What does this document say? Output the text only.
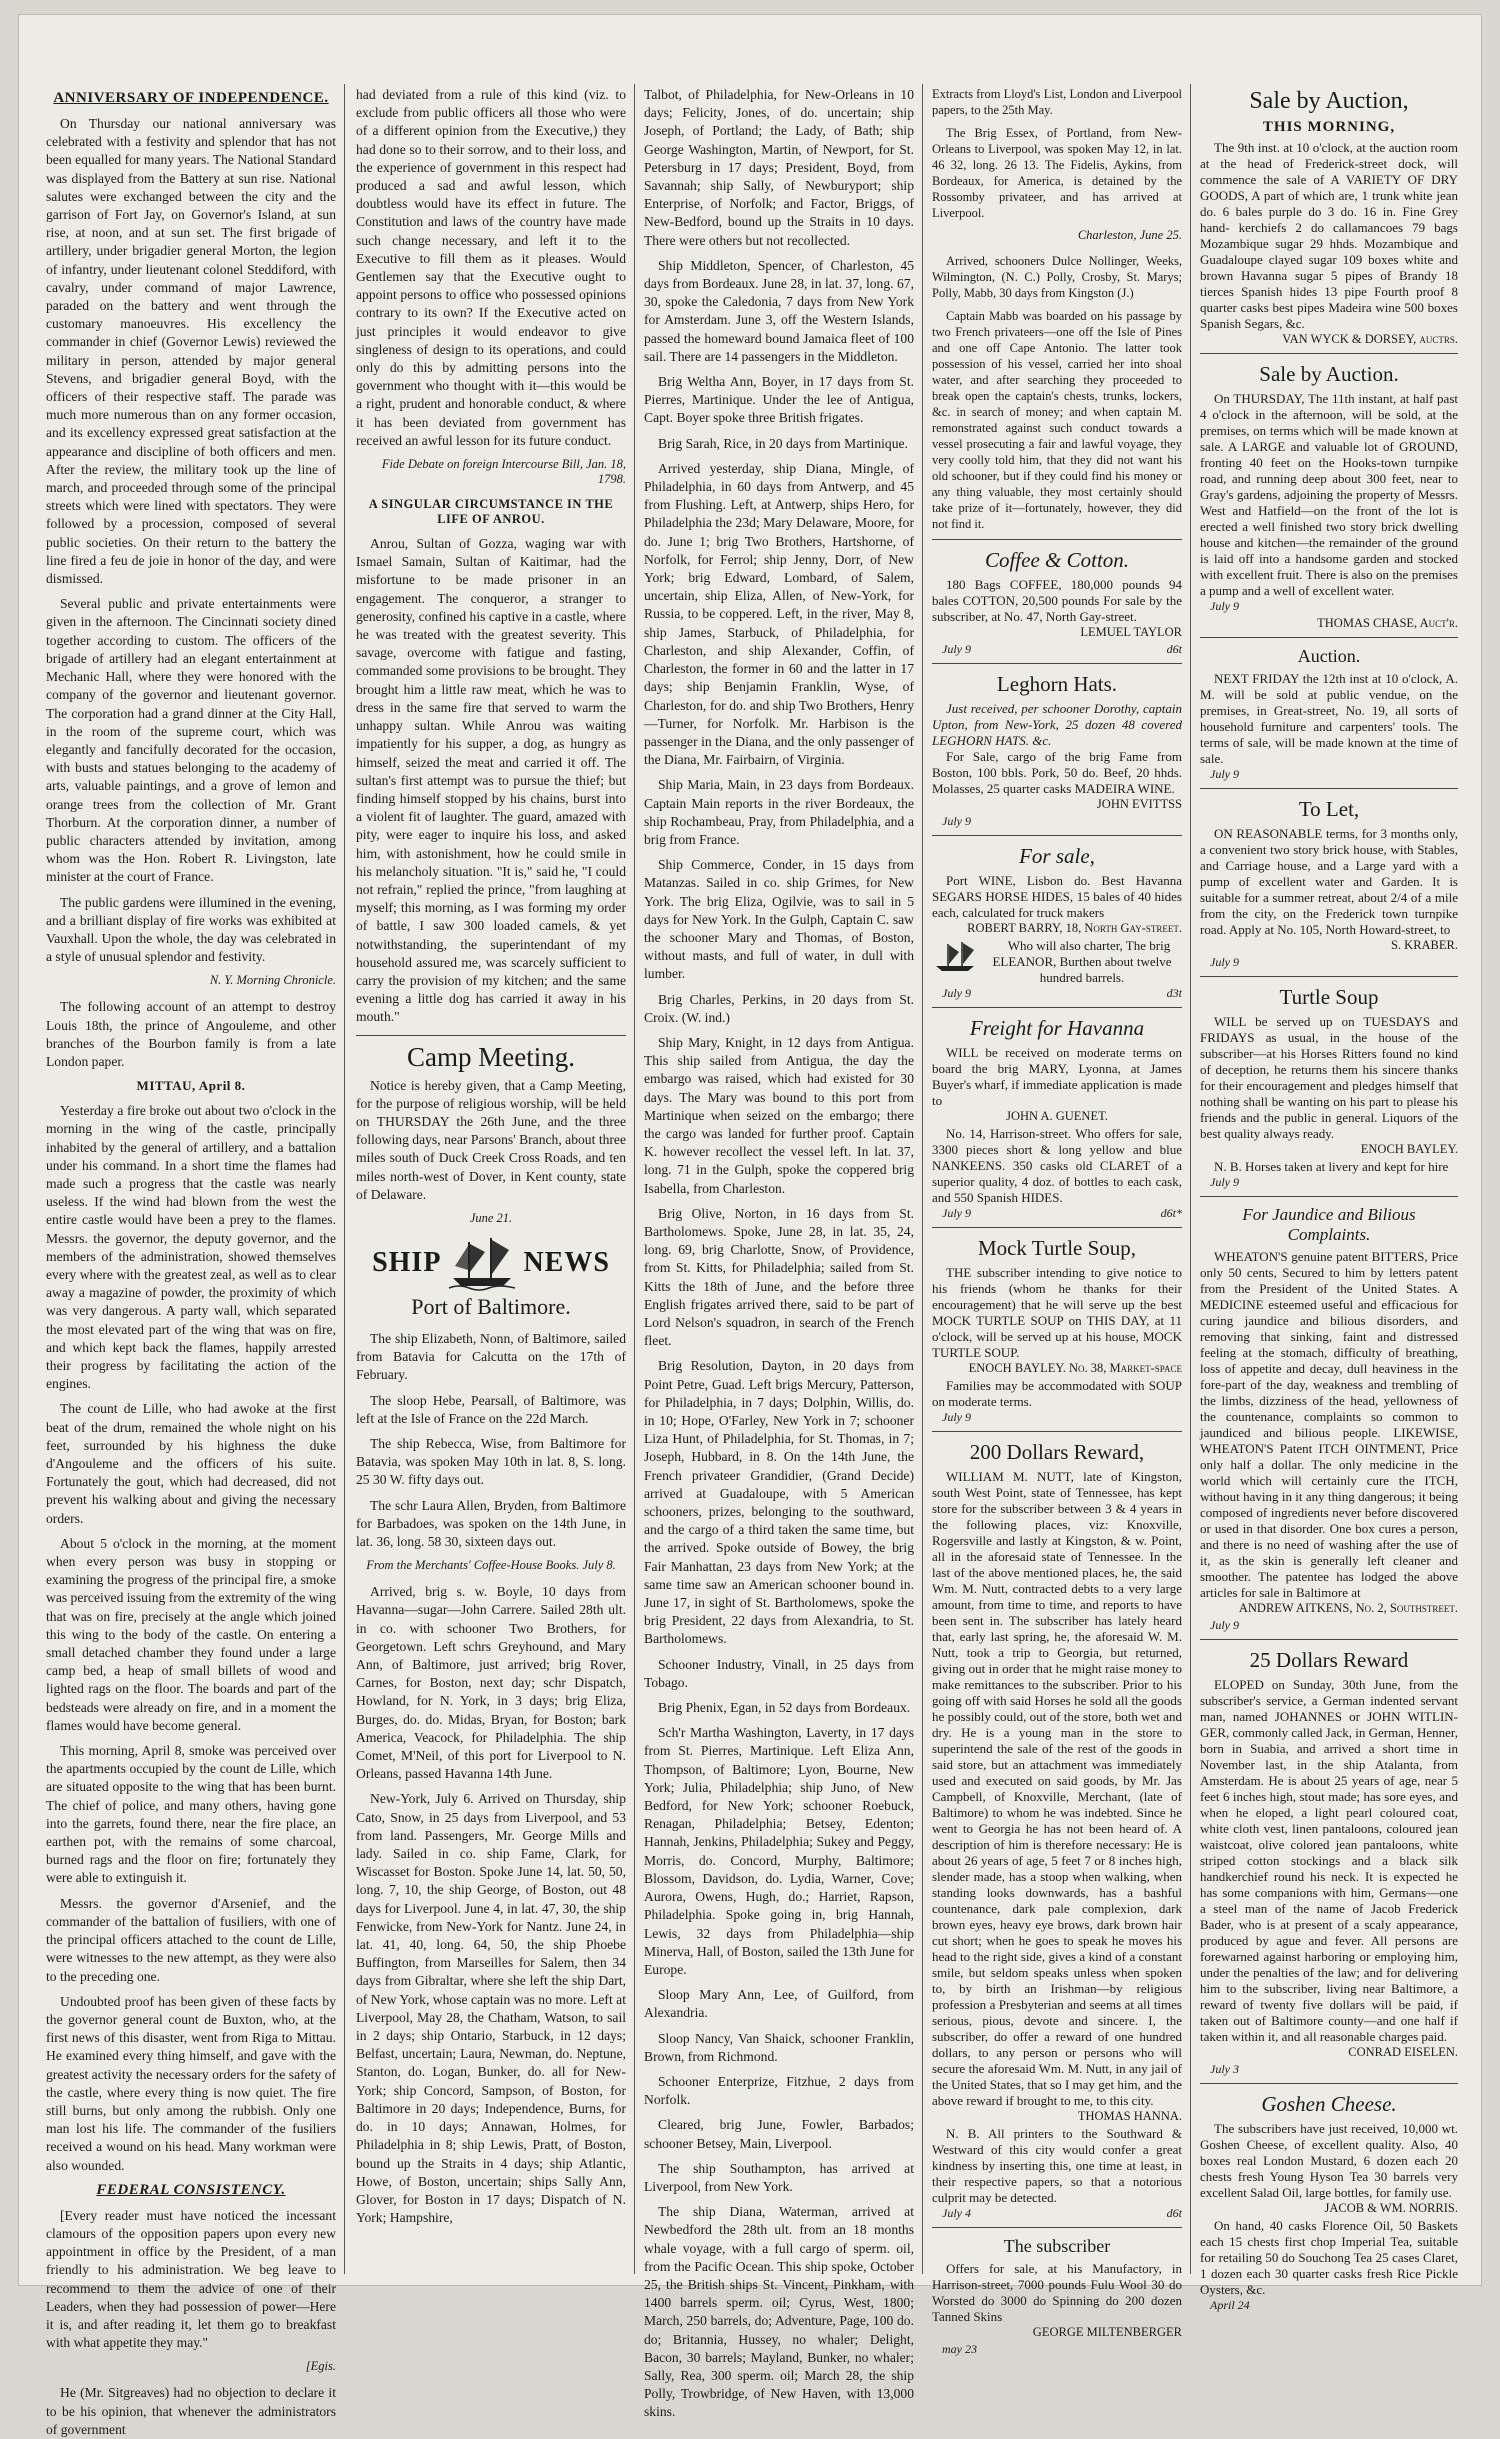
ANNIVERSARY OF INDEPENDENCE.

On Thursday our national anniversary was celebrated with a festivity and splendor that has not been equalled for many years. The National Standard was displayed from the Battery at sun rise. National salutes were exchanged between the city and the garrison of Fort Jay, on Governor's Island, at sun rise, at noon, and at sun set. The first brigade of artillery, under brigadier general Morton, the legion of infantry, under lieutenant colonel Steddiford, with cavalry, under command of major Lawrence, paraded on the battery and went through the customary manoeuvres. His excellency the commander in chief (Governor Lewis) reviewed the military in person, attended by major general Stevens, and brigadier general Boyd, with the officers of their respective staff. The parade was much more numerous than on any former occasion, and its excellency expressed great satisfaction at the appearance and discipline of both officers and men. After the review, the military took up the line of march, and proceeded through some of the principal streets which were lined with spectators. They were followed by a procession, composed of several public societies. On their return to the battery the line fired a feu de joie in honor of the day, and were dismissed.

Several public and private entertainments were given in the afternoon. The Cincinnati society dined together according to custom. The officers of the brigade of artillery had an elegant entertainment at Mechanic Hall, where they were honored with the company of the governor and lieutenant governor. The corporation had a grand dinner at the City Hall, in the room of the supreme court, which was elegantly and fancifully decorated for the occasion, with busts and statues belonging to the academy of arts, valuable paintings, and a grove of lemon and orange trees from the collection of Mr. Grant Thorburn. At the corporation dinner, a number of public characters attended by invitation, among whom was the Hon. Robert R. Livingston, late minister at the court of France.

The public gardens were illumined in the evening, and a brilliant display of fire works was exhibited at Vauxhall. Upon the whole, the day was celebrated in a style of unusual splendor and festivity.

N. Y. Morning Chronicle.

The following account of an attempt to destroy Louis 18th, the prince of Angouleme, and other branches of the Bourbon family is from a late London paper.

MITTAU, April 8.

Yesterday a fire broke out about two o'clock in the morning in the wing of the castle, principally inhabited by the general of artillery, and a battalion under his command. In a short time the flames had made such a progress that the castle was nearly useless. If the wind had blown from the west the entire castle would have been a prey to the flames. Messrs. the governor, the deputy governor, and the members of the administration, showed themselves every where with the greatest zeal, as well as to clear away a magazine of powder, the proximity of which was very dangerous. A party wall, which separated the most elevated part of the wing that was on fire, and which kept back the flames, happily arrested their progress by facilitating the action of the engines.

The count de Lille, who had awoke at the first beat of the drum, remained the whole night on his feet, surrounded by his highness the duke d'Angouleme and the officers of his suite. Fortunately the gout, which had decreased, did not prevent his walking about and giving the necessary orders.

About 5 o'clock in the morning, at the moment when every person was busy in stopping or examining the progress of the principal fire, a smoke was perceived issuing from the extremity of the wing that was on fire, precisely at the angle which joined this wing to the body of the castle. On entering a small detached chamber they found under a large camp bed, a heap of small billets of wood and lighted rags on the floor. The boards and part of the bedsteads were already on fire, and in a moment the flames would have become general.

This morning, April 8, smoke was perceived over the apartments occupied by the count de Lille, which are situated opposite to the wing that has been burnt. The chief of police, and many others, having gone into the garrets, found there, near the fire place, an earthen pot, with the remains of some charcoal, burned rags and the floor on fire; fortunately they were able to extinguish it.

Messrs. the governor d'Arsenief, and the commander of the battalion of fusiliers, with one of the principal officers attached to the count de Lille, were witnesses to the new attempt, as they were also to the preceding one.

Undoubted proof has been given of these facts by the governor general count de Buxton, who, at the first news of this disaster, went from Riga to Mittau. He examined every thing himself, and gave with the greatest activity the necessary orders for the safety of the castle, where every thing is now quiet. The fire still burns, but only among the rubbish. Only one man lost his life. The commander of the fusiliers received a wound on his head. Many workman were also wounded.

FEDERAL CONSISTENCY.

[Every reader must have noticed the incessant clamours of the opposition papers upon every new appointment in office by the President, of a man friendly to his administration. We beg leave to recommend to them the advice of one of their Leaders, when they had possession of power—Here it is, and after reading it, let them go to breakfast with what appetite they may."

[Egis.

He (Mr. Sitgreaves) had no objection to declare it to be his opinion, that whenever the administrators of government

had deviated from a rule of this kind (viz. to exclude from public officers all those who were of a different opinion from the Executive,) they had done so to their sorrow, and to their loss, and the experience of government in this respect had produced a sad and awful lesson, which doubtless would have its effect in future. The Constitution and laws of the country have made such change necessary, and left it to the Executive to fill them as it pleases. Would Gentlemen say that the Executive ought to appoint persons to office who possessed opinions contrary to its own? If the Executive acted on just principles it would endeavor to give singleness of design to its operations, and could only do this by admitting persons into the government who thought with it—this would be a right, prudent and honorable conduct, & where it has been deviated from government has received an awful lesson for its future conduct.

Fide Debate on foreign Intercourse Bill, Jan. 18, 1798.
A SINGULAR CIRCUMSTANCE IN THE LIFE OF ANROU.

Anrou, Sultan of Gozza, waging war with Ismael Samain, Sultan of Kaitimar, had the misfortune to be made prisoner in an engagement. The conqueror, a stranger to generosity, confined his captive in a castle, where he was treated with the greatest severity. This savage, overcome with fatigue and fasting, commanded some provisions to be brought. They brought him a little raw meat, which he was to dress in the same fire that served to warm the unhappy sultan. While Anrou was waiting impatiently for his supper, a dog, as hungry as himself, seized the meat and carried it off. The sultan's first attempt was to pursue the thief; but finding himself stopped by his chains, burst into a violent fit of laughter. The guard, amazed with pity, were eager to inquire his loss, and asked him, with astonishment, how he could smile in his melancholy situation. "It is," said he, "I could not refrain," replied the prince, "from laughing at myself; this morning, as I was forming my order of battle, I saw 300 loaded camels, & yet notwithstanding, the superintendant of my household assured me, was scarcely sufficient to carry the provision of my kitchen; and the same evening a little dog has carried it away in his mouth."

Camp Meeting.

Notice is hereby given, that a Camp Meeting, for the purpose of religious worship, will be held on THURSDAY the 26th June, and the three following days, near Parsons' Branch, about three miles south of Duck Creek Cross Roads, and ten miles north-west of Dover, in Kent county, state of Delaware.

June 21.
SHIP	NEWS
Port of Baltimore.

The ship Elizabeth, Nonn, of Baltimore, sailed from Batavia for Calcutta on the 17th of February.

The sloop Hebe, Pearsall, of Baltimore, was left at the Isle of France on the 22d March.

The ship Rebecca, Wise, from Baltimore for Batavia, was spoken May 10th in lat. 8, S. long. 25 30 W. fifty days out.

The schr Laura Allen, Bryden, from Baltimore for Barbadoes, was spoken on the 14th June, in lat. 36, long. 58 30, sixteen days out.

From the Merchants' Coffee-House Books. July 8.

Arrived, brig s. w. Boyle, 10 days from Havanna—sugar—John Carrere. Sailed 28th ult. in co. with schooner Two Brothers, for Georgetown. Left schrs Greyhound, and Mary Ann, of Baltimore, just arrived; brig Rover, Carnes, for Boston, next day; schr Dispatch, Howland, for N. York, in 3 days; brig Eliza, Burges, do. do. Midas, Bryan, for Boston; bark America, Veacock, for Philadelphia. The ship Comet, M'Neil, of this port for Liverpool to N. Orleans, passed Havanna 14th June.

New-York, July 6. Arrived on Thursday, ship Cato, Snow, in 25 days from Liverpool, and 53 from land. Passengers, Mr. George Mills and lady. Sailed in co. ship Fame, Clark, for Wiscasset for Boston. Spoke June 14, lat. 50, 50, long. 7, 10, the ship George, of Boston, out 48 days for Liverpool. June 4, in lat. 47, 30, the ship Fenwicke, from New-York for Nantz. June 24, in lat. 41, 40, long. 64, 50, the ship Phoebe Buffington, from Marseilles for Salem, then 34 days from Gibraltar, where she left the ship Dart, of New York, whose captain was no more. Left at Liverpool, May 28, the Chatham, Watson, to sail in 2 days; ship Ontario, Starbuck, in 12 days; Belfast, uncertain; Laura, Newman, do. Neptune, Stanton, do. Logan, Bunker, do. all for New-York; ship Concord, Sampson, of Boston, for Baltimore in 20 days; Independence, Burns, for do. in 10 days; Annawan, Holmes, for Philadelphia in 8; ship Lewis, Pratt, of Boston, bound up the Straits in 4 days; ship Atlantic, Howe, of Boston, uncertain; ships Sally Ann, Glover, for Boston in 17 days; Dispatch of N. York; Hampshire,

Talbot, of Philadelphia, for New-Orleans in 10 days; Felicity, Jones, of do. uncertain; ship Joseph, of Portland; the Lady, of Bath; ship George Washington, Martin, of Newport, for St. Petersburg in 17 days; President, Boyd, from Savannah; ship Sally, of Newburyport; ship Enterprise, of Norfolk; and Factor, Briggs, of New-Bedford, bound up the Straits in 10 days. There were others but not recollected.

Ship Middleton, Spencer, of Charleston, 45 days from Bordeaux. June 28, in lat. 37, long. 67, 30, spoke the Caledonia, 7 days from New York for Amsterdam. June 3, off the Western Islands, passed the homeward bound Jamaica fleet of 100 sail. There are 14 passengers in the Middleton.

Brig Weltha Ann, Boyer, in 17 days from St. Pierres, Martinique. Under the lee of Antigua, Capt. Boyer spoke three British frigates.

Brig Sarah, Rice, in 20 days from Martinique.

Arrived yesterday, ship Diana, Mingle, of Philadelphia, in 60 days from Antwerp, and 45 from Flushing. Left, at Antwerp, ships Hero, for Philadelphia the 23d; Mary Delaware, Moore, for do. June 1; brig Two Brothers, Hartshorne, of Norfolk, for Ferrol; ship Jenny, Dorr, of New York; brig Edward, Lombard, of Salem, uncertain, ship Eliza, Allen, of New-York, for Russia, to be coppered. Left, in the river, May 8, ship James, Starbuck, of Philadelphia, for Charleston, and ship Alexander, Coffin, of Charleston, the former in 60 and the latter in 17 days; ship Benjamin Franklin, Wyse, of Charleston, for do. and ship Two Brothers, Henry—Turner, for Norfolk. Mr. Harbison is the passenger in the Diana, and the only passenger of the Diana, Mr. Fairbairn, of Virginia.

Ship Maria, Main, in 23 days from Bordeaux. Captain Main reports in the river Bordeaux, the ship Rochambeau, Pray, from Philadelphia, and a brig from France.

Ship Commerce, Conder, in 15 days from Matanzas. Sailed in co. ship Grimes, for New York. The brig Eliza, Ogilvie, was to sail in 5 days for New York. In the Gulph, Captain C. saw the schooner Mary and Thomas, of Boston, without masts, and full of water, in dull with lumber.

Brig Charles, Perkins, in 20 days from St. Croix. (W. ind.)

Ship Mary, Knight, in 12 days from Antigua. This ship sailed from Antigua, the day the embargo was raised, which had existed for 30 days. The Mary was bound to this port from Martinique when seized on the embargo; there the cargo was landed for further proof. Captain K. however recollect the vessel left. In lat. 37, long. 71 in the Gulph, spoke the coppered brig Isabella, from Charleston.

Brig Olive, Norton, in 16 days from St. Bartholomews. Spoke, June 28, in lat. 35, 24, long. 69, brig Charlotte, Snow, of Providence, from St. Kitts, for Philadelphia; sailed from St. Kitts the 18th of June, and the before three English frigates arrived there, said to be part of Lord Nelson's squadron, in search of the French fleet.

Brig Resolution, Dayton, in 20 days from Point Petre, Guad. Left brigs Mercury, Patterson, for Philadelphia, in 7 days; Dolphin, Willis, do. in 10; Hope, O'Farley, New York in 7; schooner Liza Hunt, of Philadelphia, for St. Thomas, in 7; Joseph, Hubbard, in 8. On the 14th June, the French privateer Grandidier, (Grand Decide) arrived at Guadaloupe, with 5 American schooners, prizes, belonging to the southward, and the cargo of a third taken the same time, but the arrived. Spoke outside of Bowey, the brig Fair Manhattan, 23 days from New York; at the same time saw an American schooner bound in. June 17, in sight of St. Bartholomews, spoke the brig President, 22 days from Alexandria, to St. Bartholomews.

Schooner Industry, Vinall, in 25 days from Tobago.

Brig Phenix, Egan, in 52 days from Bordeaux.

Sch'r Martha Washington, Laverty, in 17 days from St. Pierres, Martinique. Left Eliza Ann, Thompson, of Baltimore; Lyon, Bourne, New York; Julia, Philadelphia; ship Juno, of New Bedford, for New York; schooner Roebuck, Renagan, Philadelphia; Betsey, Edenton; Hannah, Jenkins, Philadelphia; Sukey and Peggy, Morris, do. Concord, Murphy, Baltimore; Blossom, Davidson, do. Lydia, Warner, Cove; Aurora, Owens, Hugh, do.; Harriet, Rapson, Philadelphia. Spoke going in, brig Hannah, Lewis, 32 days from Philadelphia—ship Minerva, Hall, of Boston, sailed the 13th June for Europe.

Sloop Mary Ann, Lee, of Guilford, from Alexandria.

Sloop Nancy, Van Shaick, schooner Franklin, Brown, from Richmond.

Schooner Enterprize, Fitzhue, 2 days from Norfolk.

Cleared, brig June, Fowler, Barbados; schooner Betsey, Main, Liverpool.

The ship Southampton, has arrived at Liverpool, from New York.

The ship Diana, Waterman, arrived at Newbedford the 28th ult. from an 18 months whale voyage, with a full cargo of sperm. oil, from the Pacific Ocean. This ship spoke, October 25, the British ships St. Vincent, Pinkham, with 1400 barrels sperm. oil; Cyrus, West, 1800; March, 250 barrels, do; Adventure, Page, 100 do. do; Britannia, Hussey, no whaler; Delight, Bacon, 30 barrels; Mayland, Bunker, no whaler; Sally, Rea, 300 sperm. oil; March 28, the ship Polly, Trowbridge, of New Haven, with 13,000 skins.

Extracts from Lloyd's List, London and Liverpool papers, to the 25th May.

The Brig Essex, of Portland, from New-Orleans to Liverpool, was spoken May 12, in lat. 46 32, long. 26 13. The Fidelis, Aykins, from Bordeaux, for America, is detained by the Rossomby privateer, and has arrived at Liverpool.

Charleston, June 25.

Arrived, schooners Dulce Nollinger, Weeks, Wilmington, (N. C.) Polly, Crosby, St. Marys; Polly, Mabb, 30 days from Kingston (J.)

Captain Mabb was boarded on his passage by two French privateers—one off the Isle of Pines and one off Cape Antonio. The latter took possession of his vessel, carried her into shoal water, and after searching they proceeded to break open the captain's chests, trunks, lockers, &c. in search of money; and when captain M. remonstrated against such conduct towards a vessel prosecuting a fair and lawful voyage, they very coolly told him, that they did not want his old schooner, but if they could find his money or any thing valuable, they most certainly should take prize of it—fortunately, however, they did not find it.

Coffee & Cotton.

180 Bags COFFEE, 180,000 pounds 94 bales COTTON, 20,500 pounds For sale by the subscriber, at No. 47, North Gay-street.

LEMUEL TAYLOR
July 9	d6t
Leghorn Hats.

Just received, per schooner Dorothy, captain Upton, from New-York, 25 dozen 48 covered LEGHORN HATS. &c.

For Sale, cargo of the brig Fame from Boston, 100 bbls. Pork, 50 do. Beef, 20 hhds. Molasses, 25 quarter casks MADEIRA WINE.

JOHN EVITTSS
July 9
For sale,

Port WINE, Lisbon do. Best Havanna SEGARS HORSE HIDES, 15 bales of 40 hides each, calculated for truck makers

ROBERT BARRY, 18, North Gay-street.

Who will also charter, The brig ELEANOR, Burthen about twelve hundred barrels.

July 9	d3t
Freight for Havanna

WILL be received on moderate terms on board the brig MARY, Lyonna, at James Buyer's wharf, if immediate application is made to

JOHN A. GUENET.

No. 14, Harrison-street. Who offers for sale, 3300 pieces short & long yellow and blue NANKEENS. 350 casks old CLARET of a superior quality, 4 doz. of bottles to each cask, and 550 Spanish HIDES.

July 9	d6t*
Mock Turtle Soup,

THE subscriber intending to give notice to his friends (whom he thanks for their encouragement) that he will serve up the best MOCK TURTLE SOUP on THIS DAY, at 11 o'clock, will be served up at his house, MOCK TURTLE SOUP.

ENOCH BAYLEY. No. 38, Market-space

Families may be accommodated with SOUP on moderate terms.

July 9
200 Dollars Reward,

WILLIAM M. NUTT, late of Kingston, south West Point, state of Tennessee, has kept store for the subscriber between 3 & 4 years in the following places, viz: Knoxville, Rogersville and lastly at Kingston, & w. Point, all in the aforesaid state of Tennessee. In the last of the above mentioned places, he, the said Wm. M. Nutt, contracted debts to a very large amount, from time to time, and reports to have been sent in. The subscriber has lately heard that, early last spring, he, the aforesaid W. M. Nutt, took a trip to Georgia, but returned, giving out in order that he might raise money to make remittances to the subscriber. Prior to his going off with said Horses he sold all the goods he possibly could, out of the store, both wet and dry. He is a young man in the store to superintend the sale of the rest of the goods in said store, but an attachment was immediately used and executed on said goods, by Mr. Jas Campbell, of Knoxville, Merchant, (late of Baltimore) to whom he was indebted. Since he went to Georgia he has not been heard of. A description of him is therefore necessary: He is about 26 years of age, 5 feet 7 or 8 inches high, slender made, has a stoop when walking, when standing looks downwards, has a bashful countenance, dark pale complexion, dark brown eyes, heavy eye brows, dark brown hair cut short; when he goes to speak he moves his head to the right side, gives a kind of a constant smile, but seldom speaks unless when spoken to, by birth an Irishman—by religious profession a Presbyterian and seems at all times serious, pious, devote and sincere. I, the subscriber, do offer a reward of one hundred dollars, to any person or persons who will secure the aforesaid Wm. M. Nutt, in any jail of the United States, that so I may get him, and the above reward if brought to me, to this city.

THOMAS HANNA.

N. B. All printers to the Southward & Westward of this city would confer a great kindness by inserting this, one time at least, in their respective papers, so that a notorious culprit may be detected.

July 4	d6t
The subscriber

Offers for sale, at his Manufactory, in Harrison-street, 7000 pounds Fulu Wool 30 do Worsted do 3000 do Spinning do 200 dozen Tanned Skins

GEORGE MILTENBERGER
may 23
Sale by Auction,
THIS MORNING,

The 9th inst. at 10 o'clock, at the auction room at the head of Frederick-street dock, will commence the sale of A VARIETY OF DRY GOODS, A part of which are, 1 trunk white jean do. 6 bales purple do 3 do. 16 in. Fine Grey hand- kerchiefs 2 do callamancoes 79 bags Mozambique sugar 29 hhds. Mozambique and Guadaloupe clayed sugar 109 boxes white and brown Havanna sugar 5 pipes of Brandy 18 tierces Spanish hides 13 pipe Fourth proof 8 quarter casks best pipes Madeira wine 500 boxes Spanish Segars, &c.

VAN WYCK & DORSEY, auctrs.
Sale by Auction.

On THURSDAY, The 11th instant, at half past 4 o'clock in the afternoon, will be sold, at the premises, on terms which will be made known at sale. A LARGE and valuable lot of GROUND, fronting 40 feet on the Hooks-town turnpike road, and running deep about 300 feet, near to Gray's gardens, adjoining the property of Messrs. West and Hatfield—on the front of the lot is erected a well finished two story brick dwelling house and kitchen—the remainder of the ground is laid off into a handsome garden and stocked with excellent fruit. There is also on the premises a pump and a well of excellent water.

July 9
THOMAS CHASE, Auct'r.
Auction.

NEXT FRIDAY the 12th inst at 10 o'clock, A. M. will be sold at public vendue, on the premises, in Great-street, No. 19, all sorts of household furniture and carpenters' tools. The terms of sale, will be made known at the time of sale.

July 9
To Let,

ON REASONABLE terms, for 3 months only, a convenient two story brick house, with Stables, and Carriage house, and a Large yard with a pump of excellent water and Garden. It is suitable for a summer retreat, about 2/4 of a mile from the city, on the Frederick town turnpike road. Apply at No. 105, North Howard-street, to

S. KRABER.
July 9
Turtle Soup

WILL be served up on TUESDAYS and FRIDAYS as usual, in the house of the subscriber—at his Horses Ritters found no kind of deception, he returns them his sincere thanks for their encouragement and pledges himself that nothing shall be wanting on his part to please his friends and the public in general. Liquors of the best quality always ready.

ENOCH BAYLEY.

N. B. Horses taken at livery and kept for hire

July 9
For Jaundice and Bilious Complaints.

WHEATON'S genuine patent BITTERS, Price only 50 cents, Secured to him by letters patent from the President of the United States. A MEDICINE esteemed useful and efficacious for curing jaundice and bilious disorders, and removing that sinking, faint and distressed feeling at the stomach, difficulty of breathing, loss of appetite and decay, dull heaviness in the fore-part of the day, weakness and trembling of the limbs, dizziness of the head, yellowness of the countenance, complaints so common to jaundiced and bilious people. LIKEWISE, WHEATON'S Patent ITCH OINTMENT, Price only half a dollar. The only medicine in the world which will certainly cure the ITCH, without having in it any thing dangerous; it being composed of ingredients never before discovered or used in that disorder. One box cures a person, and there is no need of washing after the use of it, as the skin is generally left cleaner and smoother. The patentee has lodged the above articles for sale in Baltimore at

ANDREW AITKENS, No. 2, Southstreet.
July 9
25 Dollars Reward

ELOPED on Sunday, 30th June, from the subscriber's service, a German indented servant man, named JOHANNES or JOHN WITLIN-GER, commonly called Jack, in German, Henner, born in Suabia, and arrived a short time in November last, in the ship Atalanta, from Amsterdam. He is about 25 years of age, near 5 feet 6 inches high, stout made; has sore eyes, and when he eloped, a light pearl coloured coat, white cloth vest, linen pantaloons, coloured jean waistcoat, olive colored jean pantaloons, white striped cotton stockings and a black silk handkerchief round his neck. It is expected he has some companions with him, Germans—one a steel man of the name of Jacob Frederick Bader, who is at present of a scaly appearance, produced by ague and fever. All persons are forewarned against harboring or employing him, under the penalties of the law; and for delivering him to the subscriber, living near Baltimore, a reward of twenty five dollars will be paid, if taken out of Baltimore county—and one half if taken within it, and all reasonable charges paid.

CONRAD EISELEN.
July 3
Goshen Cheese.

The subscribers have just received, 10,000 wt. Goshen Cheese, of excellent quality. Also, 40 boxes real London Mustard, 6 dozen each 20 chests fresh Young Hyson Tea 30 barrels very excellent Salad Oil, large bottles, for family use.

JACOB & WM. NORRIS.

On hand, 40 casks Florence Oil, 50 Baskets each 15 chests first chop Imperial Tea, suitable for retailing 50 do Souchong Tea 25 cases Claret, 1 dozen each 30 quarter casks fresh Rice Pickle Oysters, &c.

April 24
